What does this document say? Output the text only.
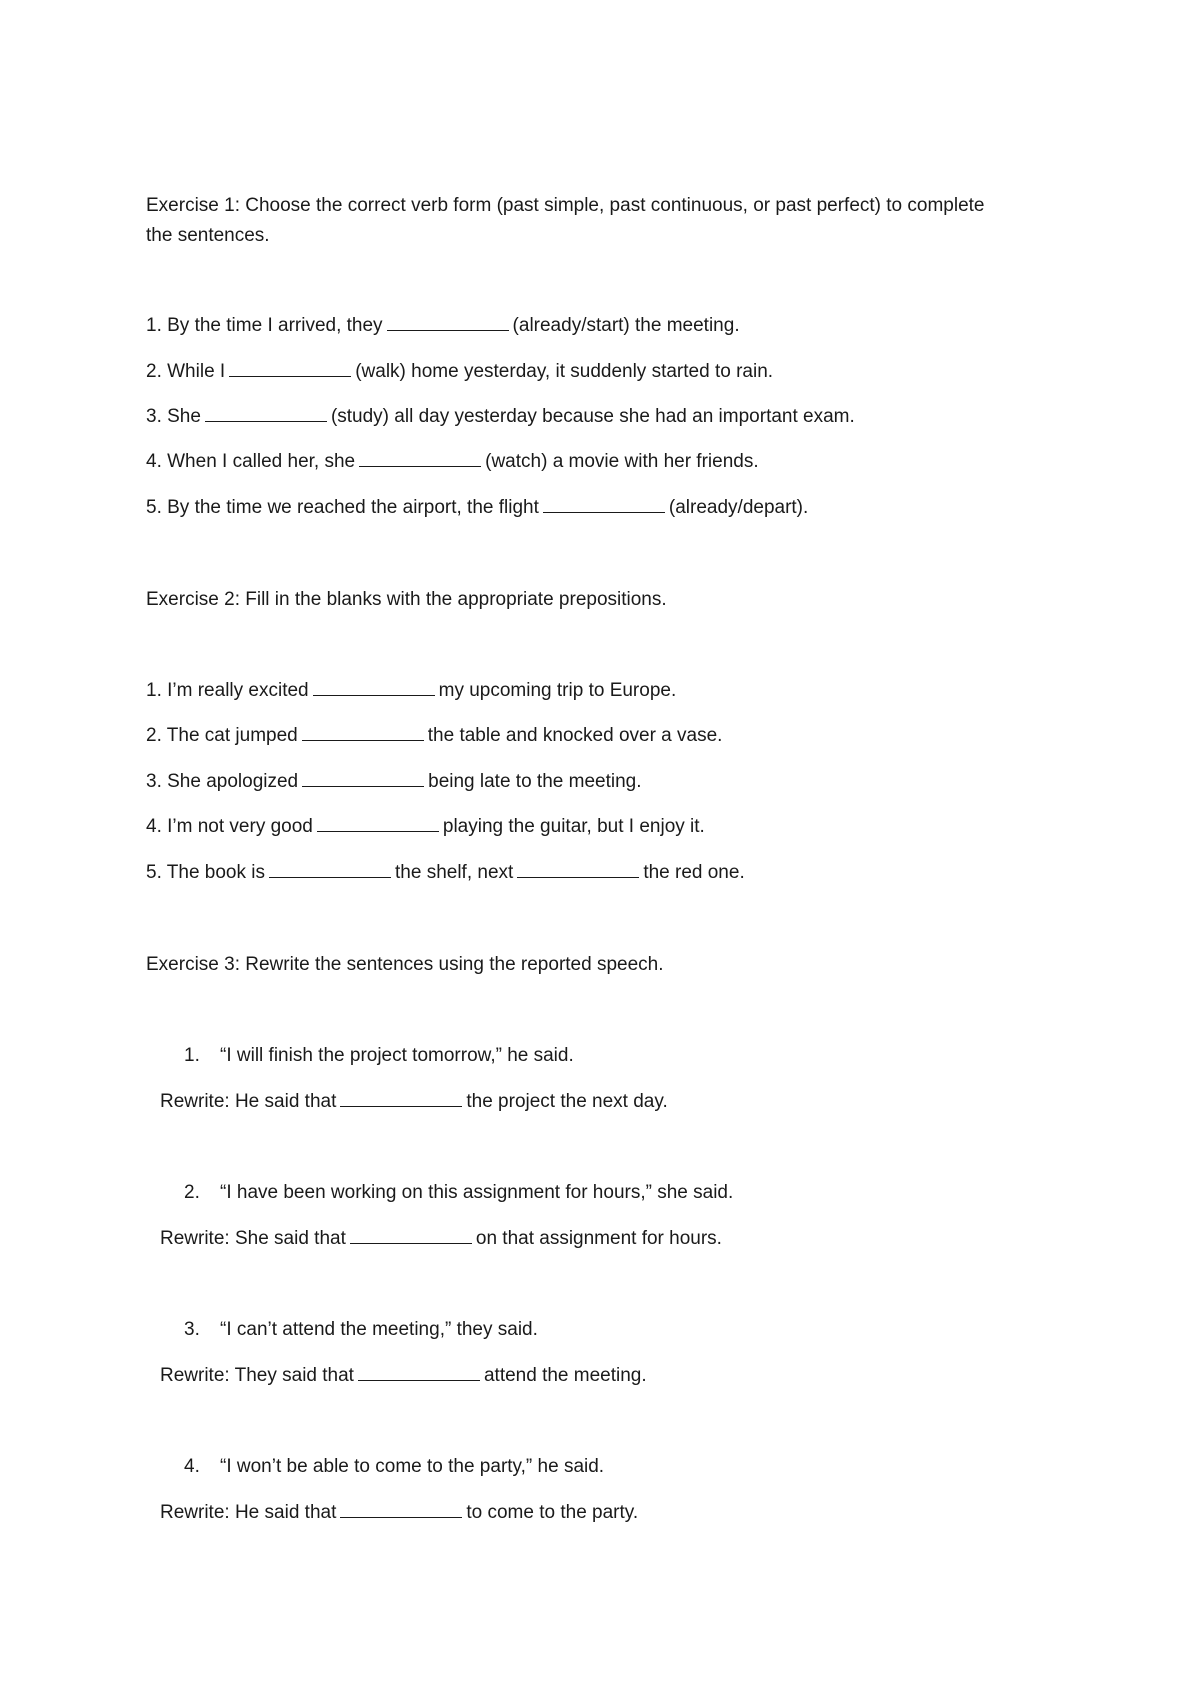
Exercise 1: Choose the correct verb form (past simple, past continuous, or past perfect) to complete
the sentences.
1. By the time I arrived, they	(already/start) the meeting.
2. While I	(walk) home yesterday, it suddenly started to rain.
3. She	(study) all day yesterday because she had an important exam.
4. When I called her, she	(watch) a movie with her friends.
5. By the time we reached the airport, the flight	(already/depart).
Exercise 2: Fill in the blanks with the appropriate prepositions.
1. I’m really excited	my upcoming trip to Europe.
2. The cat jumped	the table and knocked over a vase.
3. She apologized	being late to the meeting.
4. I’m not very good	playing the guitar, but I enjoy it.
5. The book is	the shelf, next	the red one.
Exercise 3: Rewrite the sentences using the reported speech.
1. “I will finish the project tomorrow,” he said.
Rewrite: He said that	the project the next day.
2. “I have been working on this assignment for hours,” she said.
Rewrite: She said that	on that assignment for hours.
3. “I can’t attend the meeting,” they said.
Rewrite: They said that	attend the meeting.
4. “I won’t be able to come to the party,” he said.
Rewrite: He said that	to come to the party.
